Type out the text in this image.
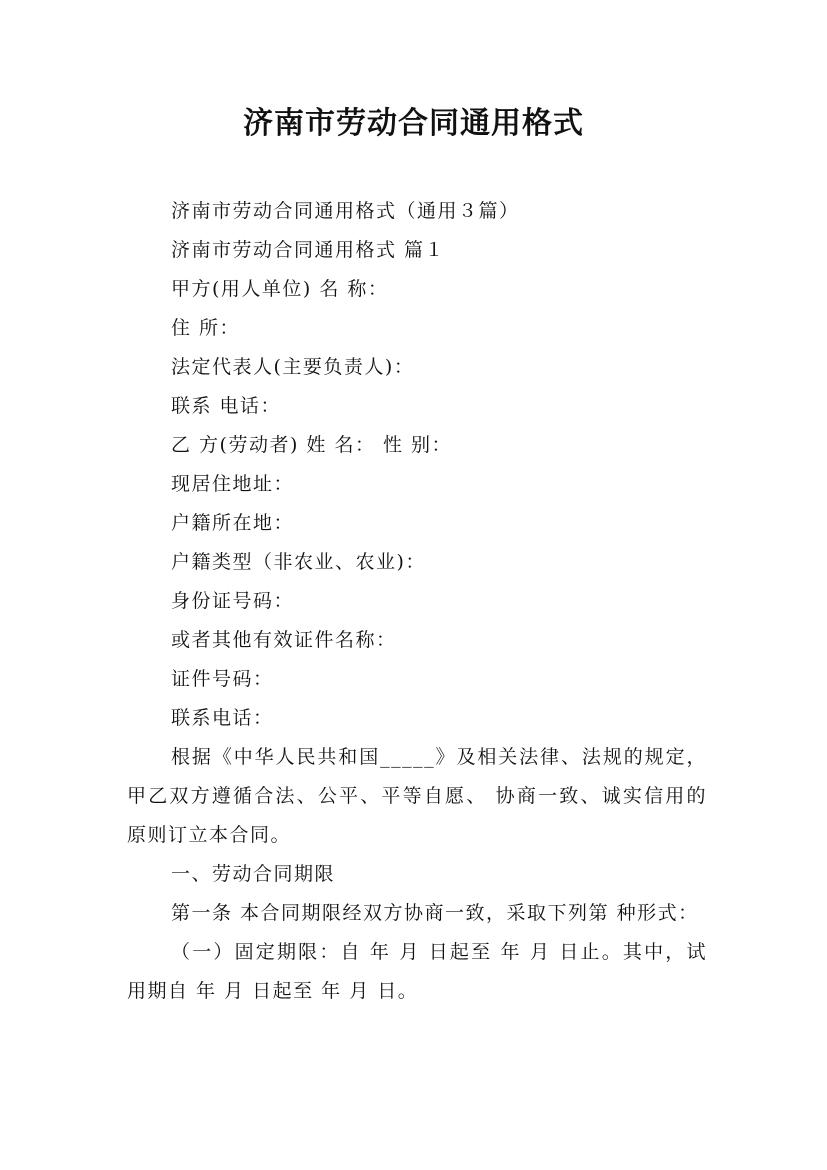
济南市劳动合同通用格式
济南市劳动合同通用格式（通用３篇）
济南市劳动合同通用格式 篇１
甲方(用人单位) 名 称：
住 所：
法定代表人(主要负责人)：
联系 电话：
乙 方(劳动者) 姓 名： 性 别：
现居住地址：
户籍所在地：
户籍类型（非农业、农业)：
身份证号码：
或者其他有效证件名称：
证件号码：
联系电话：
根据《中华人民共和国_____》及相关法律、法规的规定，甲乙双方遵循合法、公平、平等自愿、 协商一致、诚实信用的原则订立本合同。
一、劳动合同期限
第一条 本合同期限经双方协商一致，采取下列第 种形式：
（一）固定期限：自 年 月 日起至 年 月 日止。其中，试用期自 年 月 日起至 年 月 日。
